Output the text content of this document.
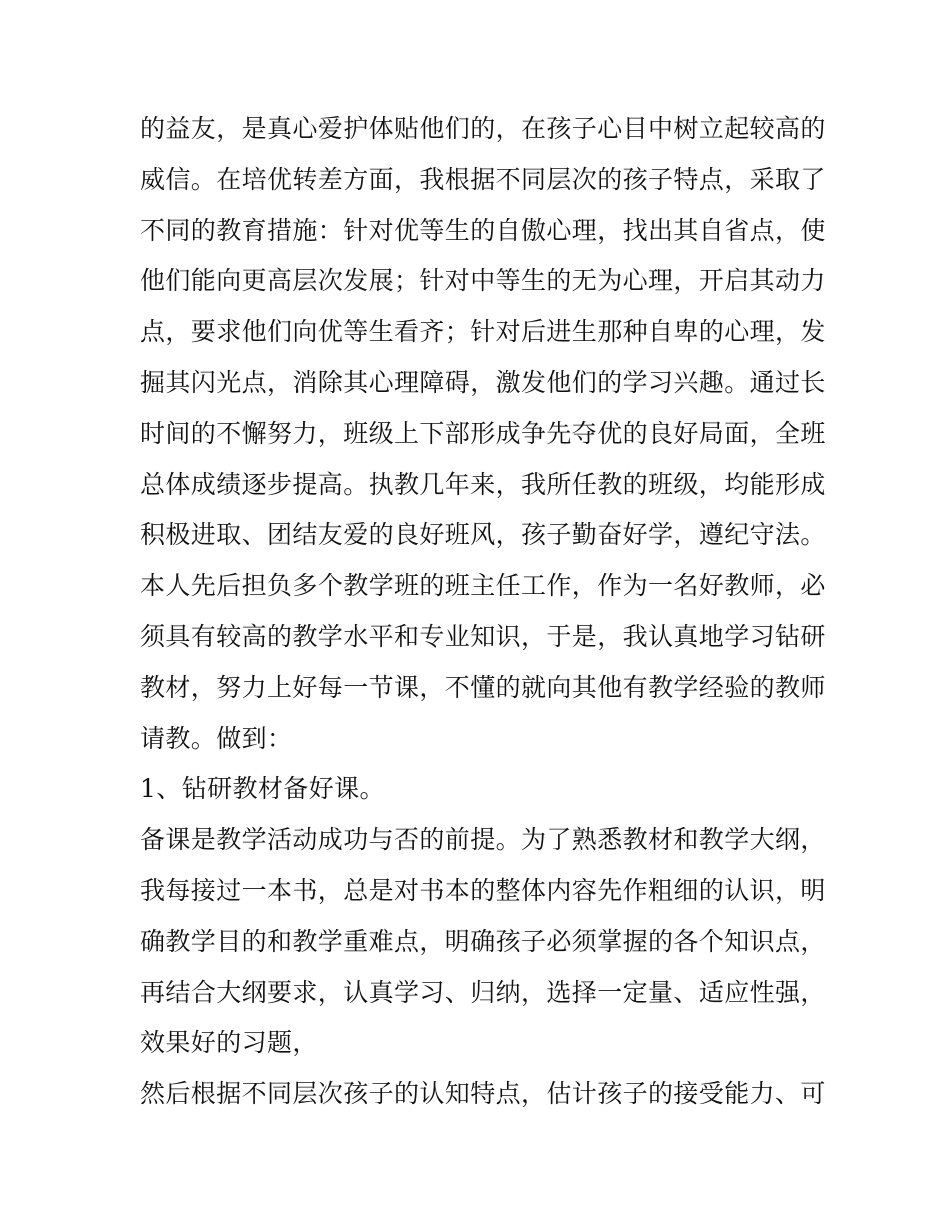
的益友，是真心爱护体贴他们的，在孩子心目中树立起较高的
威信。在培优转差方面，我根据不同层次的孩子特点，采取了
不同的教育措施：针对优等生的自傲心理，找出其自省点，使
他们能向更高层次发展；针对中等生的无为心理，开启其动力
点，要求他们向优等生看齐；针对后进生那种自卑的心理，发
掘其闪光点，消除其心理障碍，激发他们的学习兴趣。通过长
时间的不懈努力，班级上下部形成争先夺优的良好局面，全班
总体成绩逐步提高。执教几年来，我所任教的班级，均能形成
积极进取、团结友爱的良好班风，孩子勤奋好学，遵纪守法。
本人先后担负多个教学班的班主任工作，作为一名好教师，必
须具有较高的教学水平和专业知识，于是，我认真地学习钻研
教材，努力上好每一节课，不懂的就向其他有教学经验的教师
请教。做到：
1、钻研教材备好课。
备课是教学活动成功与否的前提。为了熟悉教材和教学大纲，
我每接过一本书，总是对书本的整体内容先作粗细的认识，明
确教学目的和教学重难点，明确孩子必须掌握的各个知识点，
再结合大纲要求，认真学习、归纳，选择一定量、适应性强，
效果好的习题，
然后根据不同层次孩子的认知特点，估计孩子的接受能力、可
